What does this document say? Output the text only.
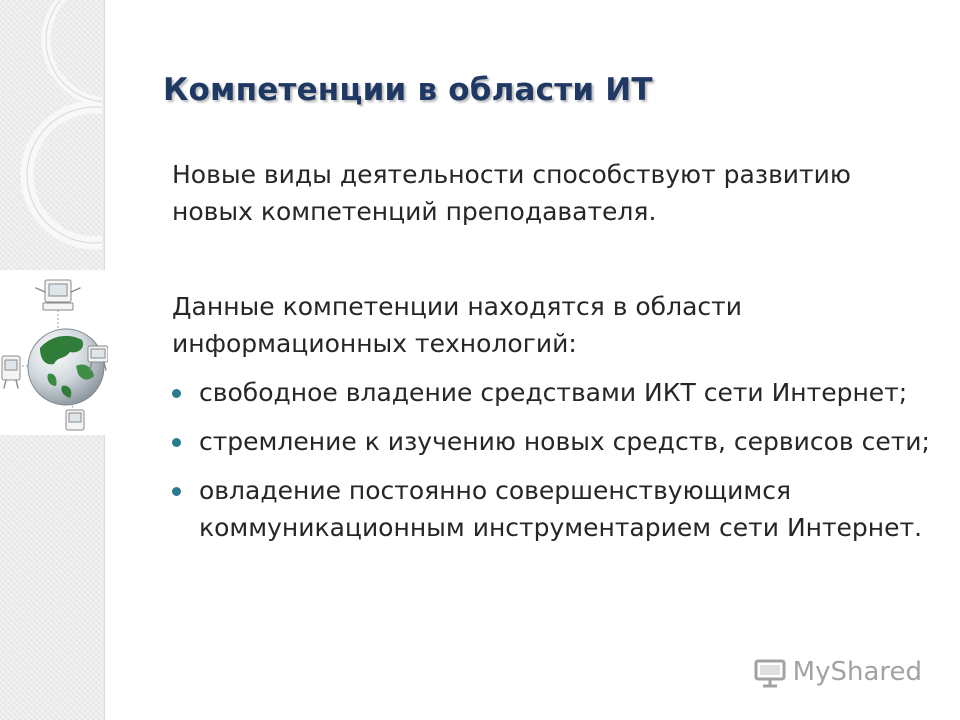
Компетенции в области ИТ

Новые виды деятельности способствуют развитию новых компетенций преподавателя.

Данные компетенции находятся в области информационных технологий:

свободное владение средствами ИКТ сети Интернет;
стремление к изучению новых средств, сервисов сети;
овладение постоянно совершенствующимся коммуникационным инструментарием сети Интернет.
MyShared
